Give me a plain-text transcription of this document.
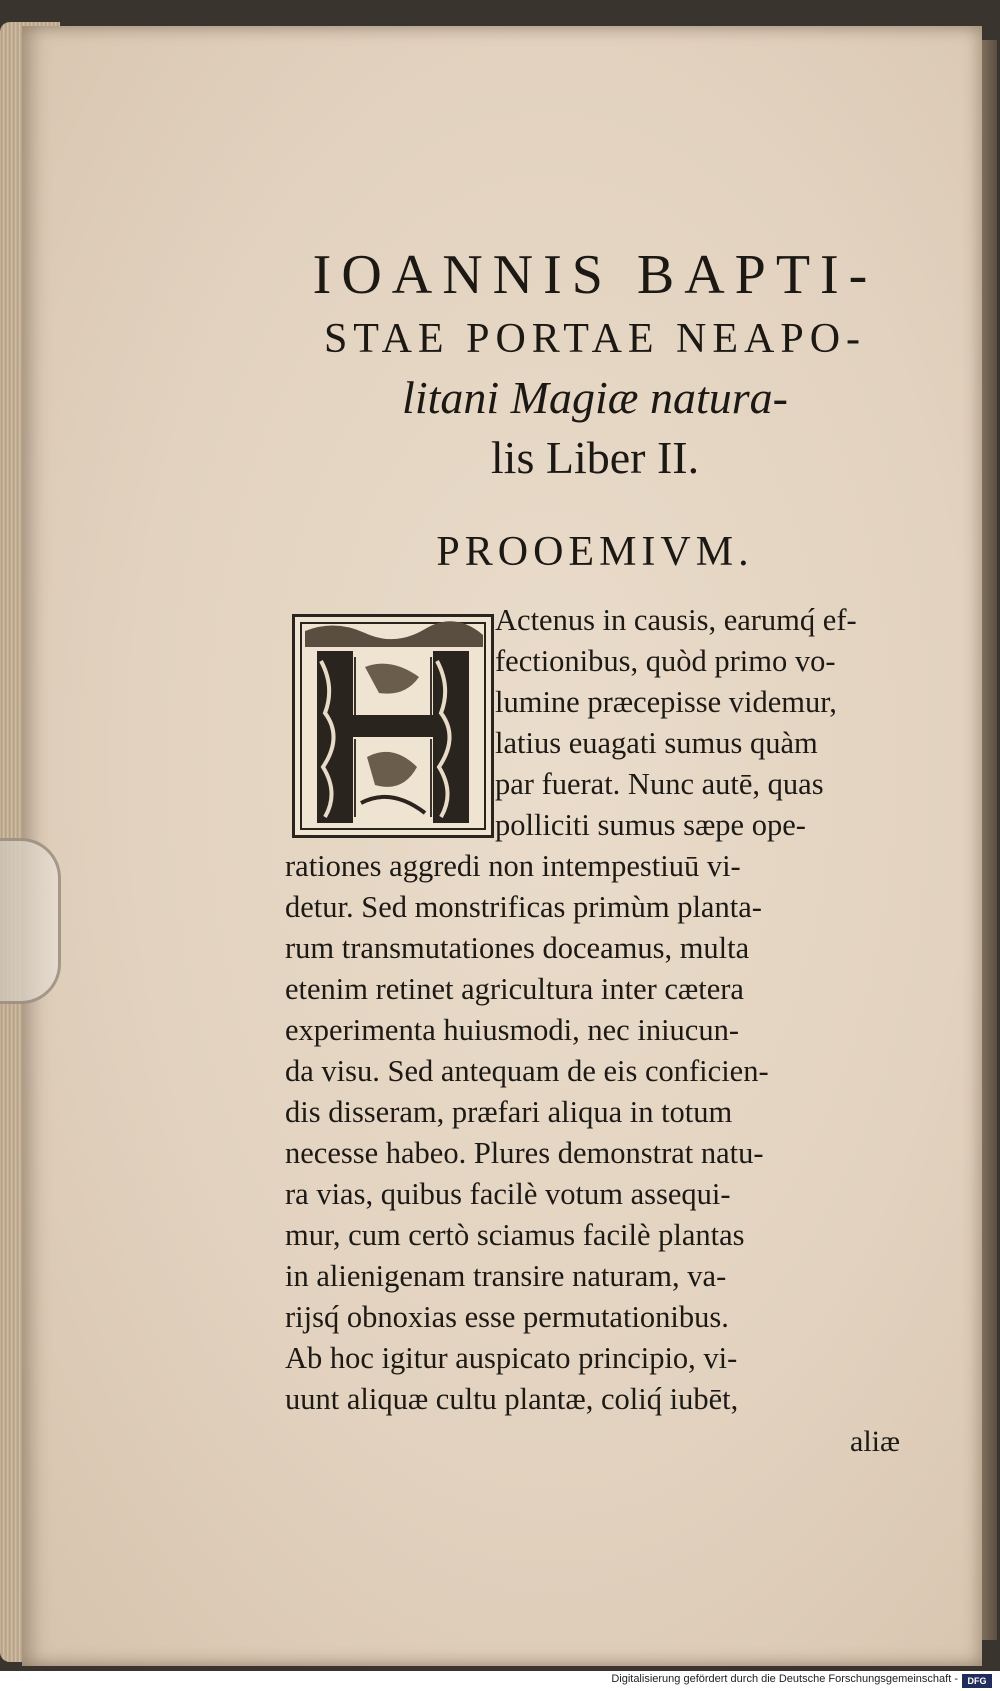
IOANNIS BAPTI-

STAE PORTAE NEAPO-

litani Magiæ natura-

lis Liber II.

PROOEMIVM.

Actenus in causis, earumq́ ef-

fectionibus, quòd primo vo-

lumine præcepisse videmur,

latius euagati sumus quàm

par fuerat. Nunc autē, quas

polliciti sumus sæpe ope-

rationes aggredi non intempestiuū vi-

detur. Sed monstrificas primùm planta-

rum transmutationes doceamus, multa

etenim retinet agricultura inter cætera

experimenta huiusmodi, nec iniucun-

da visu. Sed antequam de eis conficien-

dis disseram, præfari aliqua in totum

necesse habeo. Plures demonstrat natu-

ra vias, quibus facilè votum assequi-

mur, cum certò sciamus facilè plantas

in alienigenam transire naturam, va-

rijsq́ obnoxias esse permutationibus.

Ab hoc igitur auspicato principio, vi-

uunt aliquæ cultu plantæ, coliq́ iubēt,

aliæ
Digitalisierung gefördert durch die Deutsche Forschungsgemeinschaft -	DFG
